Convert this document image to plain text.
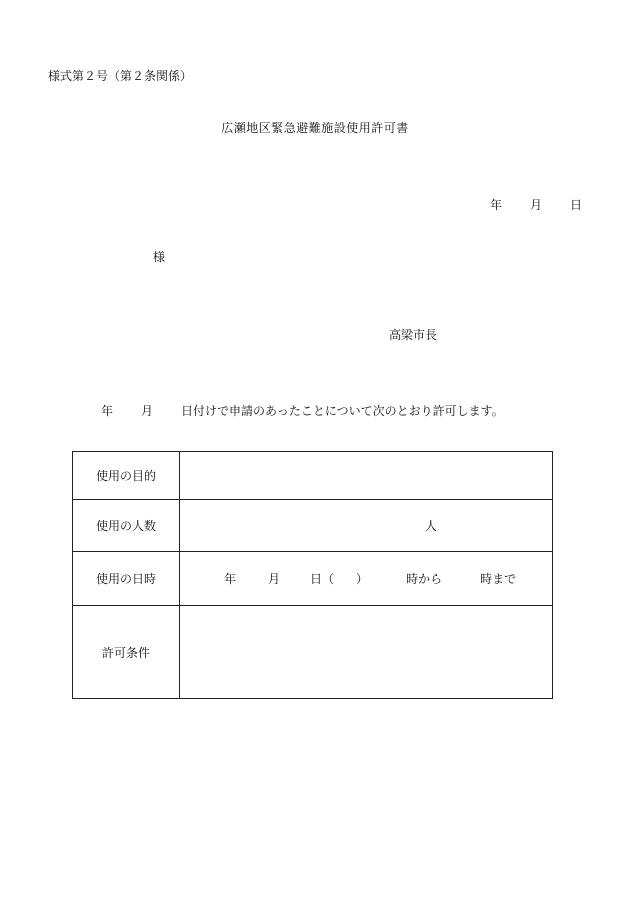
様式第２号（第２条関係）
広瀬地区緊急避難施設使用許可書
年 月 日
様
高梁市長
年 月 日付けで申請のあったことについて次のとおり許可します。
使用の目的	
使用の人数	人
使用の日時	年 月 日（ ） 時から 時まで
許可条件	
